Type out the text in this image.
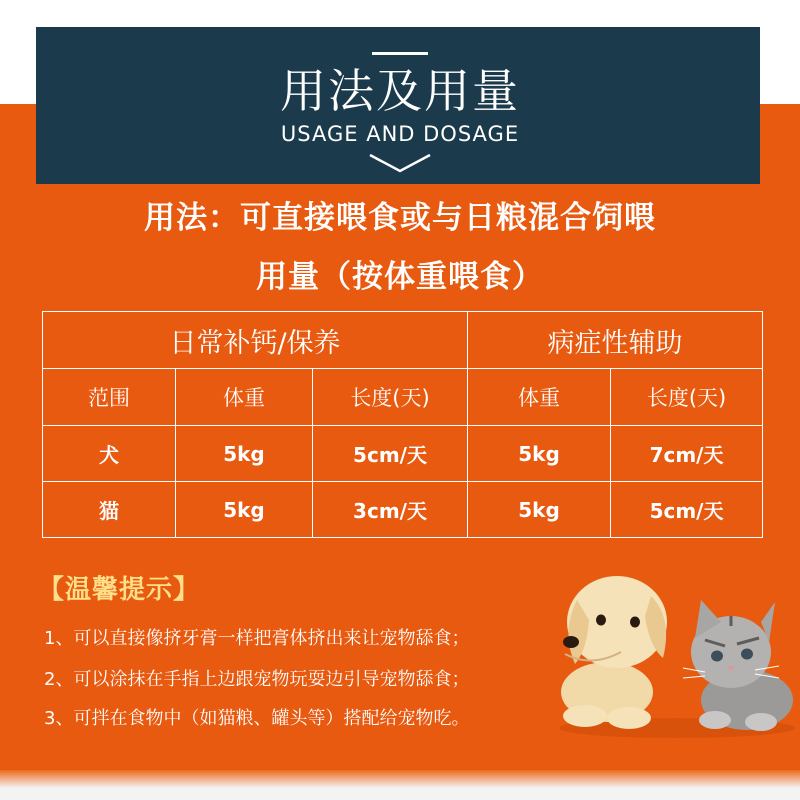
用法及用量
USAGE AND DOSAGE
用法：可直接喂食或与日粮混合饲喂
用量（按体重喂食）
日常补钙/保养			病症性辅助	
范围	体重	长度(天)	体重	长度(天)
犬	5kg	5cm/天	5kg	7cm/天
猫	5kg	3cm/天	5kg	5cm/天
【温馨提示】
1、可以直接像挤牙膏一样把膏体挤出来让宠物舔食；
2、可以涂抹在手指上边跟宠物玩耍边引导宠物舔食；
3、可拌在食物中（如猫粮、罐头等）搭配给宠物吃。
